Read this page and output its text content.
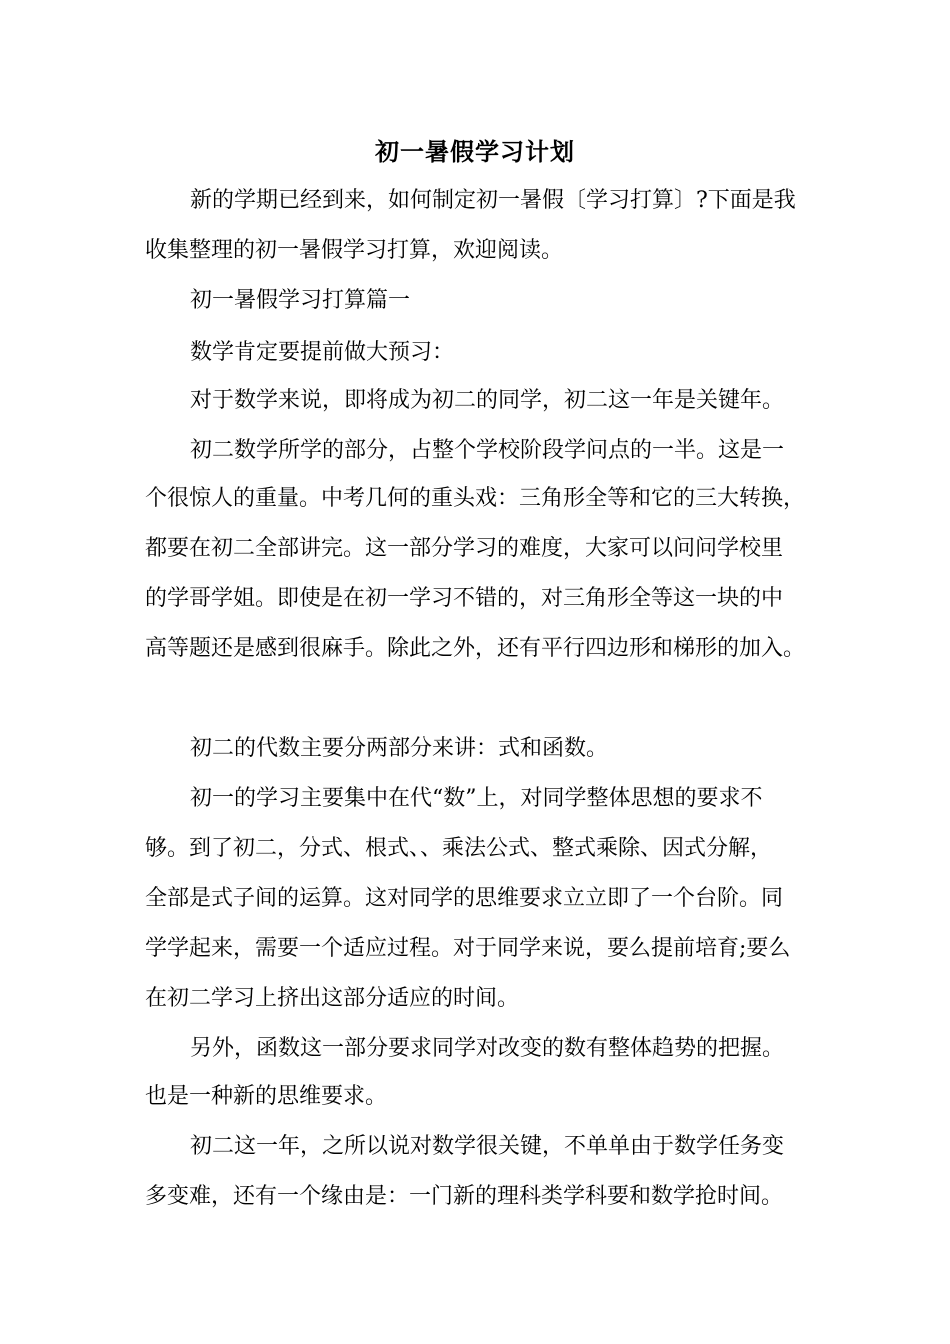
初一暑假学习计划
新的学期已经到来，如何制定初一暑假〔学习打算〕?下面是我
收集整理的初一暑假学习打算，欢迎阅读。
初一暑假学习打算篇一
数学肯定要提前做大预习：
对于数学来说，即将成为初二的同学，初二这一年是关键年。
初二数学所学的部分，占整个学校阶段学问点的一半。这是一
个很惊人的重量。中考几何的重头戏：三角形全等和它的三大转换，
都要在初二全部讲完。这一部分学习的难度，大家可以问问学校里
的学哥学姐。即使是在初一学习不错的，对三角形全等这一块的中
高等题还是感到很麻手。除此之外，还有平行四边形和梯形的加入。
初二的代数主要分两部分来讲：式和函数。
初一的学习主要集中在代“数”上，对同学整体思想的要求不
够。到了初二，分式、根式、、乘法公式、整式乘除、因式分解，
全部是式子间的运算。这对同学的思维要求立立即了一个台阶。同
学学起来，需要一个适应过程。对于同学来说，要么提前培育;要么
在初二学习上挤出这部分适应的时间。
另外，函数这一部分要求同学对改变的数有整体趋势的把握。
也是一种新的思维要求。
初二这一年，之所以说对数学很关键，不单单由于数学任务变
多变难，还有一个缘由是：一门新的理科类学科要和数学抢时间。
